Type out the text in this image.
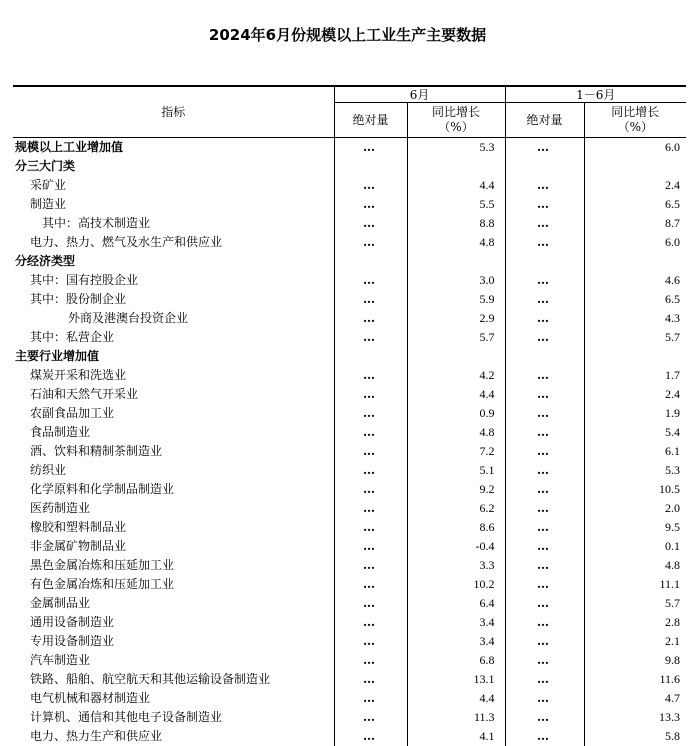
2024年6月份规模以上工业生产主要数据
指标	6月		1－6月	
	绝对量	同比增长（%）	绝对量	同比增长（%）
规模以上工业增加值	…	5.3	…	6.0
分三大门类				
采矿业	…	4.4	…	2.4
制造业	…	5.5	…	6.5
其中：高技术制造业	…	8.8	…	8.7
电力、热力、燃气及水生产和供应业	…	4.8	…	6.0
分经济类型				
其中：国有控股企业	…	3.0	…	4.6
其中：股份制企业	…	5.9	…	6.5
外商及港澳台投资企业	…	2.9	…	4.3
其中：私营企业	…	5.7	…	5.7
主要行业增加值				
煤炭开采和洗选业	…	4.2	…	1.7
石油和天然气开采业	…	4.4	…	2.4
农副食品加工业	…	0.9	…	1.9
食品制造业	…	4.8	…	5.4
酒、饮料和精制茶制造业	…	7.2	…	6.1
纺织业	…	5.1	…	5.3
化学原料和化学制品制造业	…	9.2	…	10.5
医药制造业	…	6.2	…	2.0
橡胶和塑料制品业	…	8.6	…	9.5
非金属矿物制品业	…	-0.4	…	0.1
黑色金属冶炼和压延加工业	…	3.3	…	4.8
有色金属冶炼和压延加工业	…	10.2	…	11.1
金属制品业	…	6.4	…	5.7
通用设备制造业	…	3.4	…	2.8
专用设备制造业	…	3.4	…	2.1
汽车制造业	…	6.8	…	9.8
铁路、船舶、航空航天和其他运输设备制造业	…	13.1	…	11.6
电气机械和器材制造业	…	4.4	…	4.7
计算机、通信和其他电子设备制造业	…	11.3	…	13.3
电力、热力生产和供应业	…	4.1	…	5.8
